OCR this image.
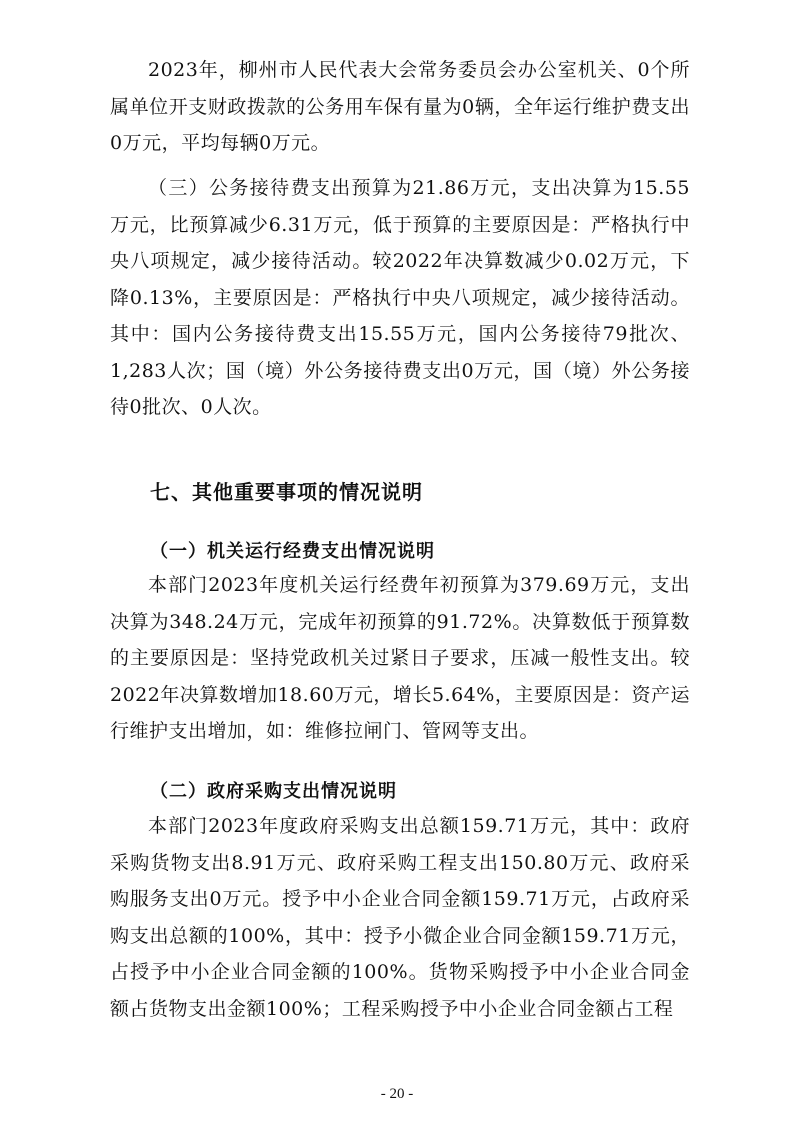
2023年，柳州市人民代表大会常务委员会办公室机关、0个所属单位开支财政拨款的公务用车保有量为0辆，全年运行维护费支出0万元，平均每辆0万元。
（三）公务接待费支出预算为21.86万元，支出决算为15.55万元，比预算减少6.31万元，低于预算的主要原因是：严格执行中央八项规定，减少接待活动。较2022年决算数减少0.02万元，下降0.13%，主要原因是：严格执行中央八项规定，减少接待活动。其中：国内公务接待费支出15.55万元，国内公务接待79批次、1,283人次；国（境）外公务接待费支出0万元，国（境）外公务接待0批次、0人次。
七、其他重要事项的情况说明
（一）机关运行经费支出情况说明
本部门2023年度机关运行经费年初预算为379.69万元，支出决算为348.24万元，完成年初预算的91.72%。决算数低于预算数的主要原因是：坚持党政机关过紧日子要求，压减一般性支出。较2022年决算数增加18.60万元，增长5.64%，主要原因是：资产运行维护支出增加，如：维修拉闸门、管网等支出。
（二）政府采购支出情况说明
本部门2023年度政府采购支出总额159.71万元，其中：政府采购货物支出8.91万元、政府采购工程支出150.80万元、政府采购服务支出0万元。授予中小企业合同金额159.71万元，占政府采购支出总额的100%，其中：授予小微企业合同金额159.71万元，占授予中小企业合同金额的100%。货物采购授予中小企业合同金额占货物支出金额100%；工程采购授予中小企业合同金额占工程
- 20 -
